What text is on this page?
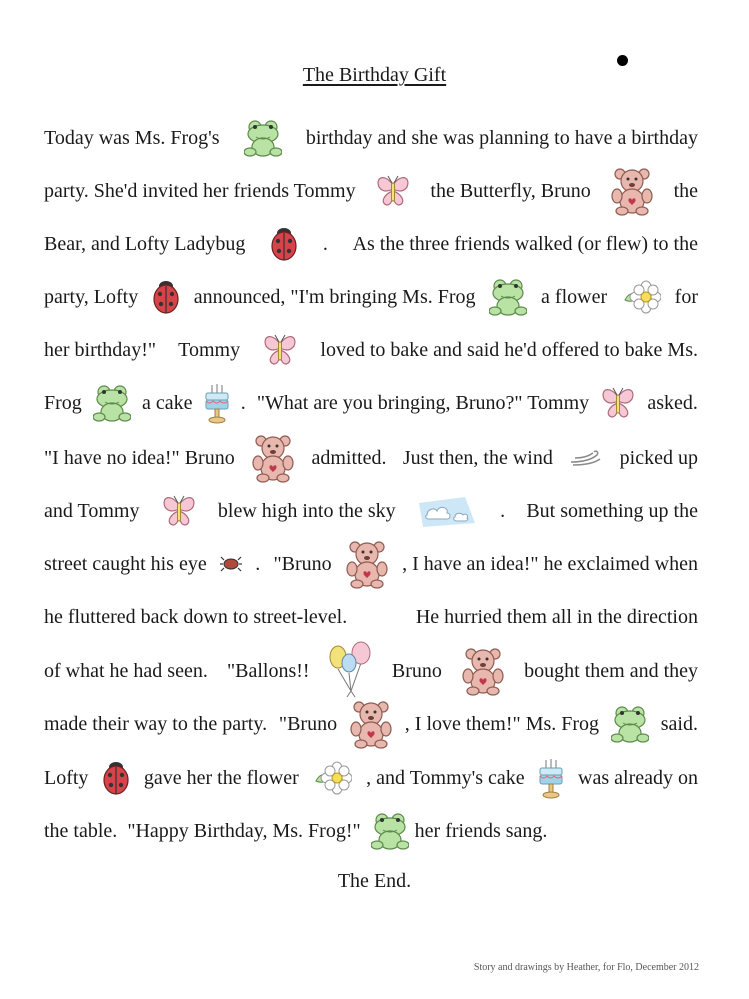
The Birthday Gift
Today was Ms. Frog's	birthday and she was planning to have a birthday
party. She'd invited her friends Tommy	the Butterfly, Bruno	the
Bear, and Lofty Ladybug	. As the three friends walked (or flew) to the
party, Lofty	announced, "I'm bringing Ms. Frog	a flower	for
her birthday!" Tommy	loved to bake and said he'd offered to bake Ms.
Frog	a cake . "What are you bringing, Bruno?" Tommy	asked.
"I have no idea!" Bruno	admitted. Just then, the wind	picked up
and Tommy	blew high into the sky	. But something up the
street caught his eye . "Bruno	, I have an idea!" he exclaimed when
he fluttered back down to street-level.	He hurried them all in the direction
of what he had seen. "Ballons!!	Bruno	bought them and they
made their way to the party. "Bruno	, I love them!" Ms. Frog	said.
Lofty	gave her the flower	, and Tommy's cake	was already on
the table. "Happy Birthday, Ms. Frog!"	her friends sang.
The End.
Story and drawings by Heather, for Flo, December 2012
